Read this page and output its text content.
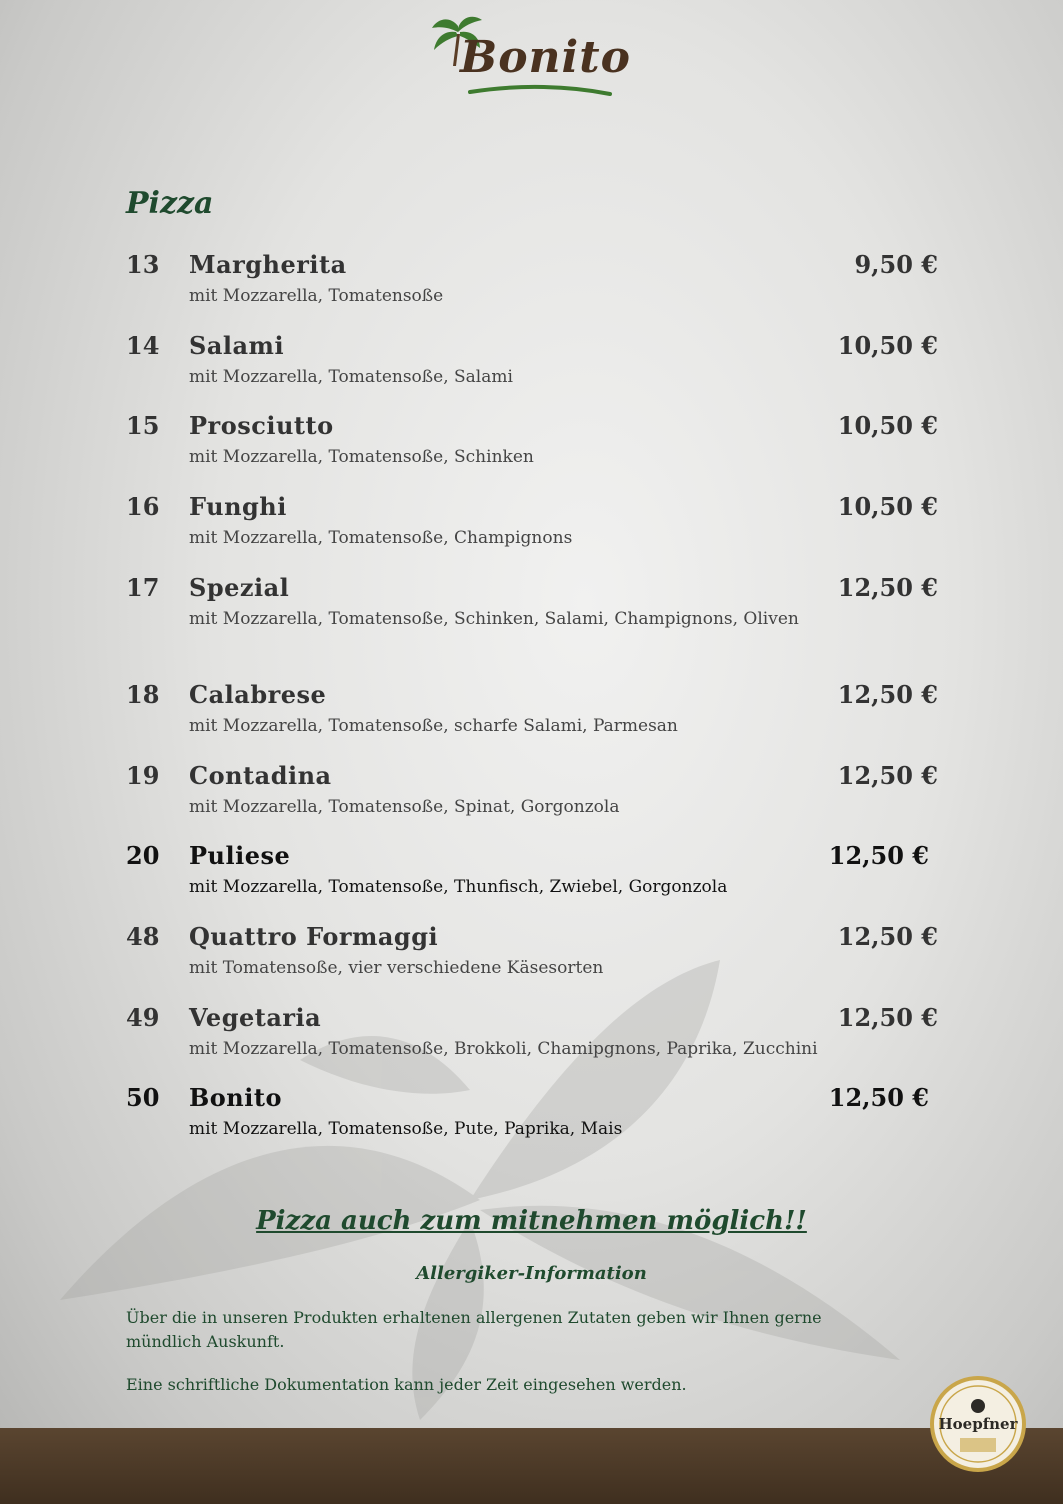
Bonito
Pizza
13 Margherita	9,50 €
mit Mozzarella, Tomatensoße
14 Salami	10,50 €
mit Mozzarella, Tomatensoße, Salami
15 Prosciutto	10,50 €
mit Mozzarella, Tomatensoße, Schinken
16 Funghi	10,50 €
mit Mozzarella, Tomatensoße, Champignons
17 Spezial	12,50 €
mit Mozzarella, Tomatensoße, Schinken, Salami, Champignons, Oliven
18 Calabrese	12,50 €
mit Mozzarella, Tomatensoße, scharfe Salami, Parmesan
19 Contadina	12,50 €
mit Mozzarella, Tomatensoße, Spinat, Gorgonzola
20 Puliese	12,50 €
mit Mozzarella, Tomatensoße, Thunfisch, Zwiebel, Gorgonzola
48 Quattro Formaggi	12,50 €
mit Tomatensoße, vier verschiedene Käsesorten
49 Vegetaria	12,50 €
mit Mozzarella, Tomatensoße, Brokkoli, Chamipgnons, Paprika, Zucchini
50 Bonito	12,50 €
mit Mozzarella, Tomatensoße, Pute, Paprika, Mais
Pizza auch zum mitnehmen möglich!!
Allergiker-Information
Über die in unseren Produkten erhaltenen allergenen Zutaten geben wir Ihnen gerne mündlich Auskunft.
Eine schriftliche Dokumentation kann jeder Zeit eingesehen werden.
Hoepfner
